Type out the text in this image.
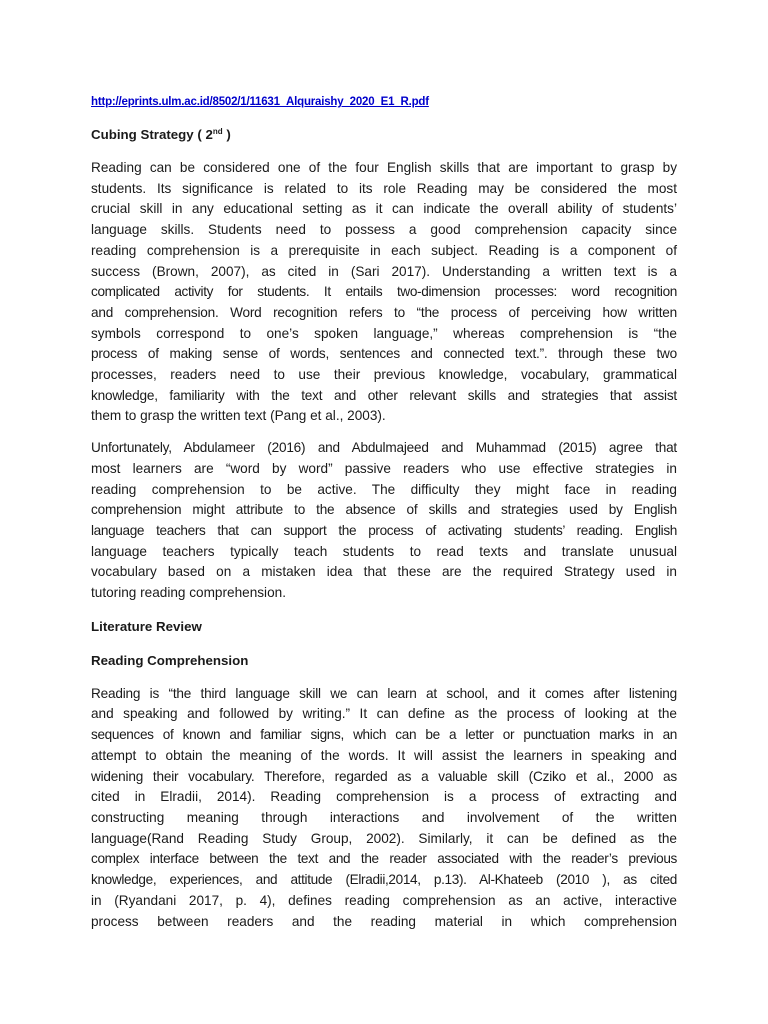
http://eprints.ulm.ac.id/8502/1/11631_Alquraishy_2020_E1_R.pdf
Cubing Strategy ( 2nd )
Reading can be considered one of the four English skills that are important to grasp by
students. Its significance is related to its role Reading may be considered the most
crucial skill in any educational setting as it can indicate the overall ability of students’
language skills. Students need to possess a good comprehension capacity since
reading comprehension is a prerequisite in each subject. Reading is a component of
success (Brown, 2007), as cited in (Sari 2017). Understanding a written text is a
complicated activity for students. It entails two-dimension processes: word recognition
and comprehension. Word recognition refers to “the process of perceiving how written
symbols correspond to one’s spoken language,” whereas comprehension is “the
process of making sense of words, sentences and connected text.”. through these two
processes, readers need to use their previous knowledge, vocabulary, grammatical
knowledge, familiarity with the text and other relevant skills and strategies that assist
them to grasp the written text (Pang et al., 2003).
Unfortunately, Abdulameer (2016) and Abdulmajeed and Muhammad (2015) agree that
most learners are “word by word” passive readers who use effective strategies in
reading comprehension to be active. The difficulty they might face in reading
comprehension might attribute to the absence of skills and strategies used by English
language teachers that can support the process of activating students’ reading. English
language teachers typically teach students to read texts and translate unusual
vocabulary based on a mistaken idea that these are the required Strategy used in
tutoring reading comprehension.
Literature Review
Reading Comprehension
Reading is “the third language skill we can learn at school, and it comes after listening
and speaking and followed by writing.” It can define as the process of looking at the
sequences of known and familiar signs, which can be a letter or punctuation marks in an
attempt to obtain the meaning of the words. It will assist the learners in speaking and
widening their vocabulary. Therefore, regarded as a valuable skill (Cziko et al., 2000 as
cited in Elradii, 2014). Reading comprehension is a process of extracting and
constructing meaning through interactions and involvement of the written
language(Rand Reading Study Group, 2002). Similarly, it can be defined as the
complex interface between the text and the reader associated with the reader’s previous
knowledge, experiences, and attitude (Elradii,2014, p.13). Al-Khateeb (2010 ), as cited
in (Ryandani 2017, p. 4), defines reading comprehension as an active, interactive
process between readers and the reading material in which comprehension
